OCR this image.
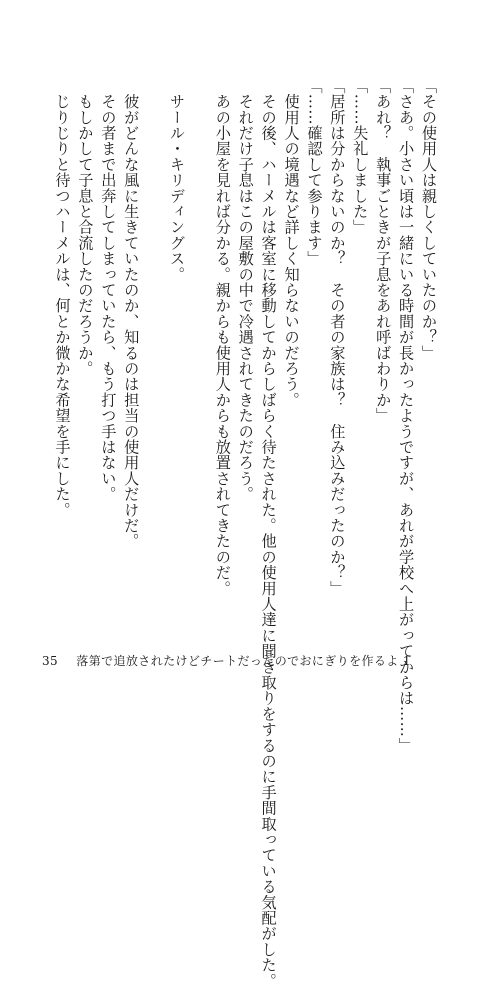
「その使用人は親しくしていたのか？」
「さあ。小さい頃は一緒にいる時間が長かったようですが、あれが学校へ上がってからは……」
「あれ？　執事ごときが子息をあれ呼ばわりか」
「……失礼しました」
「居所は分からないのか？　その者の家族は？　住み込みだったのか？」
「……確認して参ります」
　使用人の境遇など詳しく知らないのだろう。
　その後、ハーメルは客室に移動してからしばらく待たされた。他の使用人達に聞き取りをするのに手間取っている気配がした。
　それだけ子息はこの屋敷の中で冷遇されてきたのだろう。
　あの小屋を見れば分かる。親からも使用人からも放置されてきたのだ。

　サール・キリディングス。

　彼がどんな風に生きていたのか、知るのは担当の使用人だけだ。
　その者まで出奔してしまっていたら、もう打つ手はない。
　もしかして子息と合流したのだろうか。
　じりじりと待つハーメルは、何とか微かな希望を手にした。
35 落第で追放されたけどチートだったのでおにぎりを作るよ 1
